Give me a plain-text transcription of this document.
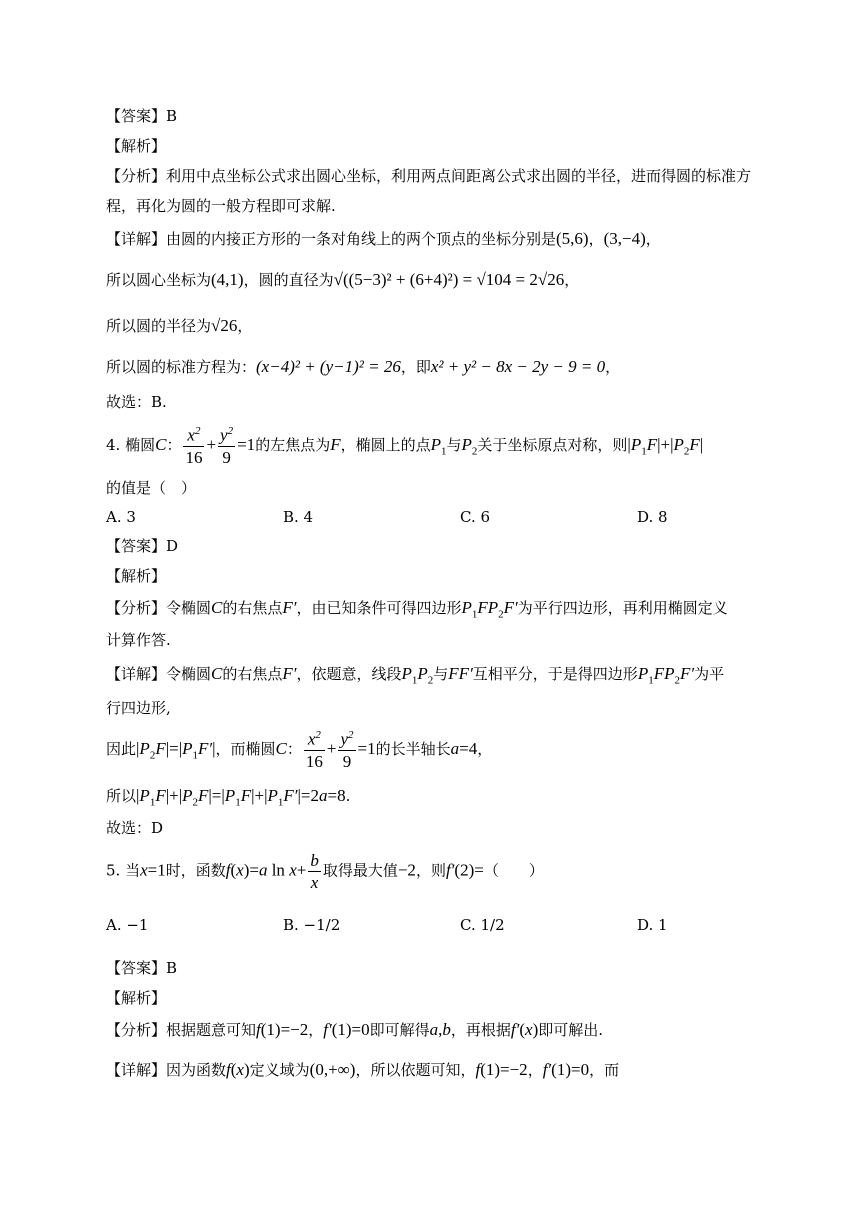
【答案】B
【解析】
【分析】利用中点坐标公式求出圆心坐标，利用两点间距离公式求出圆的半径，进而得圆的标准方
程，再化为圆的一般方程即可求解.
【详解】由圆的内接正方形的一条对角线上的两个顶点的坐标分别是(5,6)，(3,−4)，
所以圆心坐标为(4,1)，圆的直径为√((5−3)² + (6+4)²) = √104 = 2√26，
所以圆的半径为√26，
所以圆的标准方程为：(x−4)² + (y−1)² = 26，即x² + y² − 8x − 2y − 9 = 0，
故选：B.
4. 椭圆C： $\frac{x^2}{16} + \frac{y^2}{9} =1$的左焦点为F，椭圆上的点$P_1$与$P_2$关于坐标原点对称，则$|P_1F|+|P_2F|$
的值是（　）
A. 3	B. 4	C. 6	D. 8
【答案】D
【解析】
【分析】令椭圆C的右焦点F′，由已知条件可得四边形$P_1FP_2F'$为平行四边形，再利用椭圆定义
计算作答.
【详解】令椭圆C的右焦点F′，依题意，线段$P_1P_2$与FF′互相平分，于是得四边形$P_1FP_2F'$为平
行四边形,
因此$|P_2F|=|P_1F'|$，而椭圆C： $\frac{x^2}{16} + \frac{y^2}{9} =1$的长半轴长a=4，
所以$|P_1F|+|P_2F|=|P_1F|+|P_1F'|=2a=8$.
故选：D
5. 当x=1时，函数f(x)=a $\ln x+ \frac{b}{x}$ 取得最大值−2，则f′(2)=（　　）
A. −1	B. −1/2	C. 1/2	D. 1
【答案】B
【解析】
【分析】根据题意可知f(1)=−2，f′(1)=0即可解得a,b，再根据f′(x)即可解出.
【详解】因为函数f(x)定义域为(0,+∞)，所以依题可知，f(1)=−2，f′(1)=0，而
